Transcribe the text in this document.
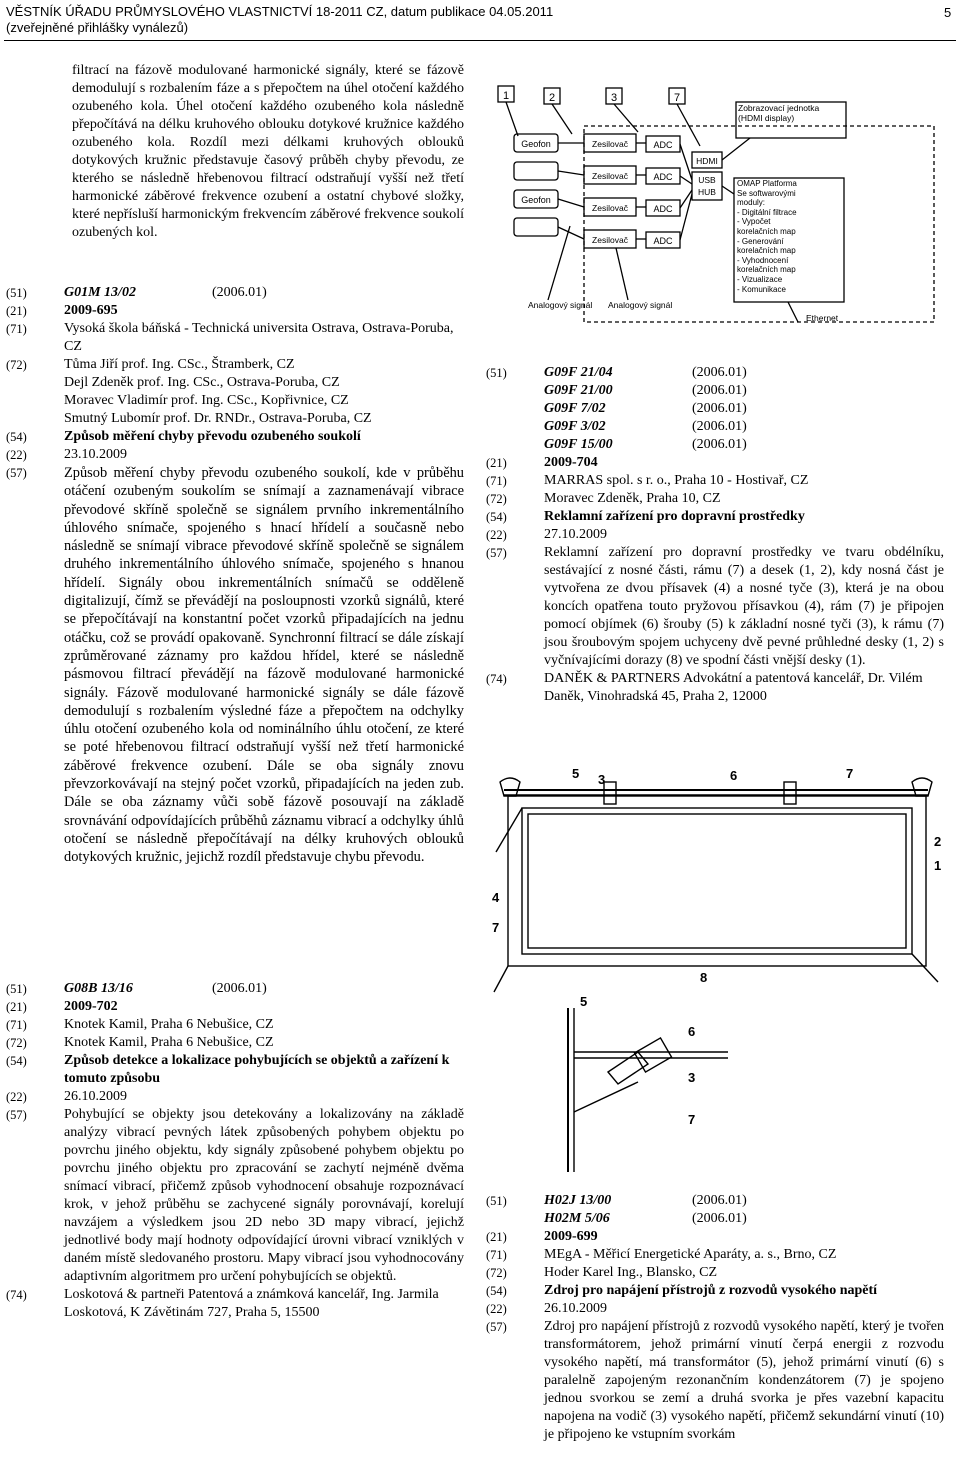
VĚSTNÍK ÚŘADU PRŮMYSLOVÉHO VLASTNICTVÍ 18-2011 CZ, datum publikace 04.05.2011
(zveřejněné přihlášky vynálezů)
5
filtrací na fázově modulované harmonické signály, které se fázově demodulují s rozbalením fáze a s přepočtem na úhel otočení každého ozubeného kola. Úhel otočení každého ozubeného kola následně přepočítává na délku kruhového oblouku dotykové kružnice každého ozubeného kola. Rozdíl mezi délkami kruhových oblouků dotykových kružnic představuje časový průběh chyby převodu, ze kterého se následně hřebenovou filtrací odstraňují vyšší než třetí harmonické záběrové frekvence ozubení a ostatní chybové složky, které nepřísluší harmonickým frekvencím záběrové frekvence soukolí ozubených kol.
(51)	G01M 13/02	(2006.01)
(21)	2009-695
(71)	Vysoká škola báňská - Technická universita Ostrava, Ostrava-Poruba, CZ
(72)	Tůma Jiří prof. Ing. CSc., Štramberk, CZ
Dejl Zdeněk prof. Ing. CSc., Ostrava-Poruba, CZ
Moravec Vladimír prof. Ing. CSc., Kopřivnice, CZ
Smutný Lubomír prof. Dr. RNDr., Ostrava-Poruba, CZ
(54)	Způsob měření chyby převodu ozubeného soukolí
(22)	23.10.2009
(57)	Způsob měření chyby převodu ozubeného soukolí, kde v průběhu otáčení ozubeným soukolím se snímají a zaznamenávají vibrace převodové skříně společně se signálem prvního inkrementálního úhlového snímače, spojeného s hnací hřídelí a současně nebo následně se snímají vibrace převodové skříně společně se signálem druhého inkrementálního úhlového snímače, spojeného s hnanou hřídelí. Signály obou inkrementálních snímačů se odděleně digitalizují, čímž se převádějí na posloupnosti vzorků signálů, které se přepočítávají na konstantní počet vzorků připadajících na jednu otáčku, což se provádí opakovaně. Synchronní filtrací se dále získají zprůměrované záznamy pro každou hřídel, které se následně pásmovou filtrací převádějí na fázově modulované harmonické signály. Fázově modulované harmonické signály se dále fázově demodulují s rozbalením výsledné fáze a přepočtem na odchylky úhlu otočení ozubeného kola od nominálního úhlu otočení, ze které se poté hřebenovou filtrací odstraňují vyšší než třetí harmonické záběrové frekvence ozubení. Dále se oba signály znovu převzorkovávají na stejný počet vzorků, připadajících na jeden zub. Dále se oba záznamy vůči sobě fázově posouvají na základě srovnávání odpovídajících průběhů záznamu vibrací a odchylky úhlů otočení se následně přepočítávají na délky kruhových oblouků dotykových kružnic, jejichž rozdíl představuje chybu převodu.
(51)	G08B 13/16	(2006.01)
(21)	2009-702
(71)	Knotek Kamil, Praha 6 Nebušice, CZ
(72)	Knotek Kamil, Praha 6 Nebušice, CZ
(54)	Způsob detekce a lokalizace pohybujících se objektů a zařízení k tomuto způsobu
(22)	26.10.2009
(57)	Pohybující se objekty jsou detekovány a lokalizovány na základě analýzy vibrací pevných látek způsobených pohybem objektu po povrchu jiného objektu, kdy signály způsobené pohybem objektu po povrchu jiného objektu pro zpracování se zachytí nejméně dvěma snímací vibrací, přičemž způsob vyhodnocení obsahuje rozpoznávací krok, v jehož průběhu se zachycené signály porovnávají, korelují navzájem a výsledkem jsou 2D nebo 3D mapy vibrací, jejichž jednotlivé body mají hodnoty odpovídající úrovni vibrací vzniklých v daném místě sledovaného prostoru. Mapy vibrací jsou vyhodnocovány adaptivním algoritmem pro určení pohybujících se objektů.
(74)	Loskotová & partneři Patentová a známková kancelář, Ing. Jarmila Loskotová, K Závětinám 727, Praha 5, 15500
1	2	3	7
Geofon
Geofon
Zesilovač
Zesilovač
Zesilovač
Zesilovač
ADC
ADC
ADC
ADC
HDMI
USB
HUB
Zobrazovací jednotka (HDMI display)
OMAP Platforma
Se softwarovými
moduly:
- Digitální filtrace
- Vypočet
korelačních map
- Generování
korelačních map
- Vyhodnocení
korelačních map
- Vizualizace
- Komunikace
Analogový signál Analogový signál
Ethernet
(51)	G09F 21/04	(2006.01)
G09F 21/00	(2006.01)
G09F 7/02	(2006.01)
G09F 3/02	(2006.01)
G09F 15/00	(2006.01)
(21)	2009-704
(71)	MARRAS spol. s r. o., Praha 10 - Hostivař, CZ
(72)	Moravec Zdeněk, Praha 10, CZ
(54)	Reklamní zařízení pro dopravní prostředky
(22)	27.10.2009
(57)	Reklamní zařízení pro dopravní prostředky ve tvaru obdélníku, sestávající z nosné části, rámu (7) a desek (1, 2), kdy nosná část je vytvořena ze dvou přísavek (4) a nosné tyče (3), která je na obou koncích opatřena touto pryžovou přísavkou (4), rám (7) je připojen pomocí objímek (6) šrouby (5) k základní nosné tyči (3), k rámu (7) jsou šroubovým spojem uchyceny dvě pevné průhledné desky (1, 2) s vyčnívajícími dorazy (8) ve spodní části vnější desky (1).
(74)	DANĚK & PARTNERS Advokátní a patentová kancelář, Dr. Vilém Daněk, Vinohradská 45, Praha 2, 12000
5 3	6	7
2
1
4
8
7
5
6
3
7
(51)	H02J 13/00	(2006.01)
H02M 5/06	(2006.01)
(21)	2009-699
(71)	MEgA - Měřicí Energetické Aparáty, a. s., Brno, CZ
(72)	Hoder Karel Ing., Blansko, CZ
(54)	Zdroj pro napájení přístrojů z rozvodů vysokého napětí
(22)	26.10.2009
(57)	Zdroj pro napájení přístrojů z rozvodů vysokého napětí, který je tvořen transformátorem, jehož primární vinutí čerpá energii z rozvodu vysokého napětí, má transformátor (5), jehož primární vinutí (6) s paralelně zapojeným rezonančním kondenzátorem (7) je spojeno jednou svorkou se zemí a druhá svorka je přes vazební kapacitu napojena na vodič (3) vysokého napětí, přičemž sekundární vinutí (10) je připojeno ke vstupním svorkám
